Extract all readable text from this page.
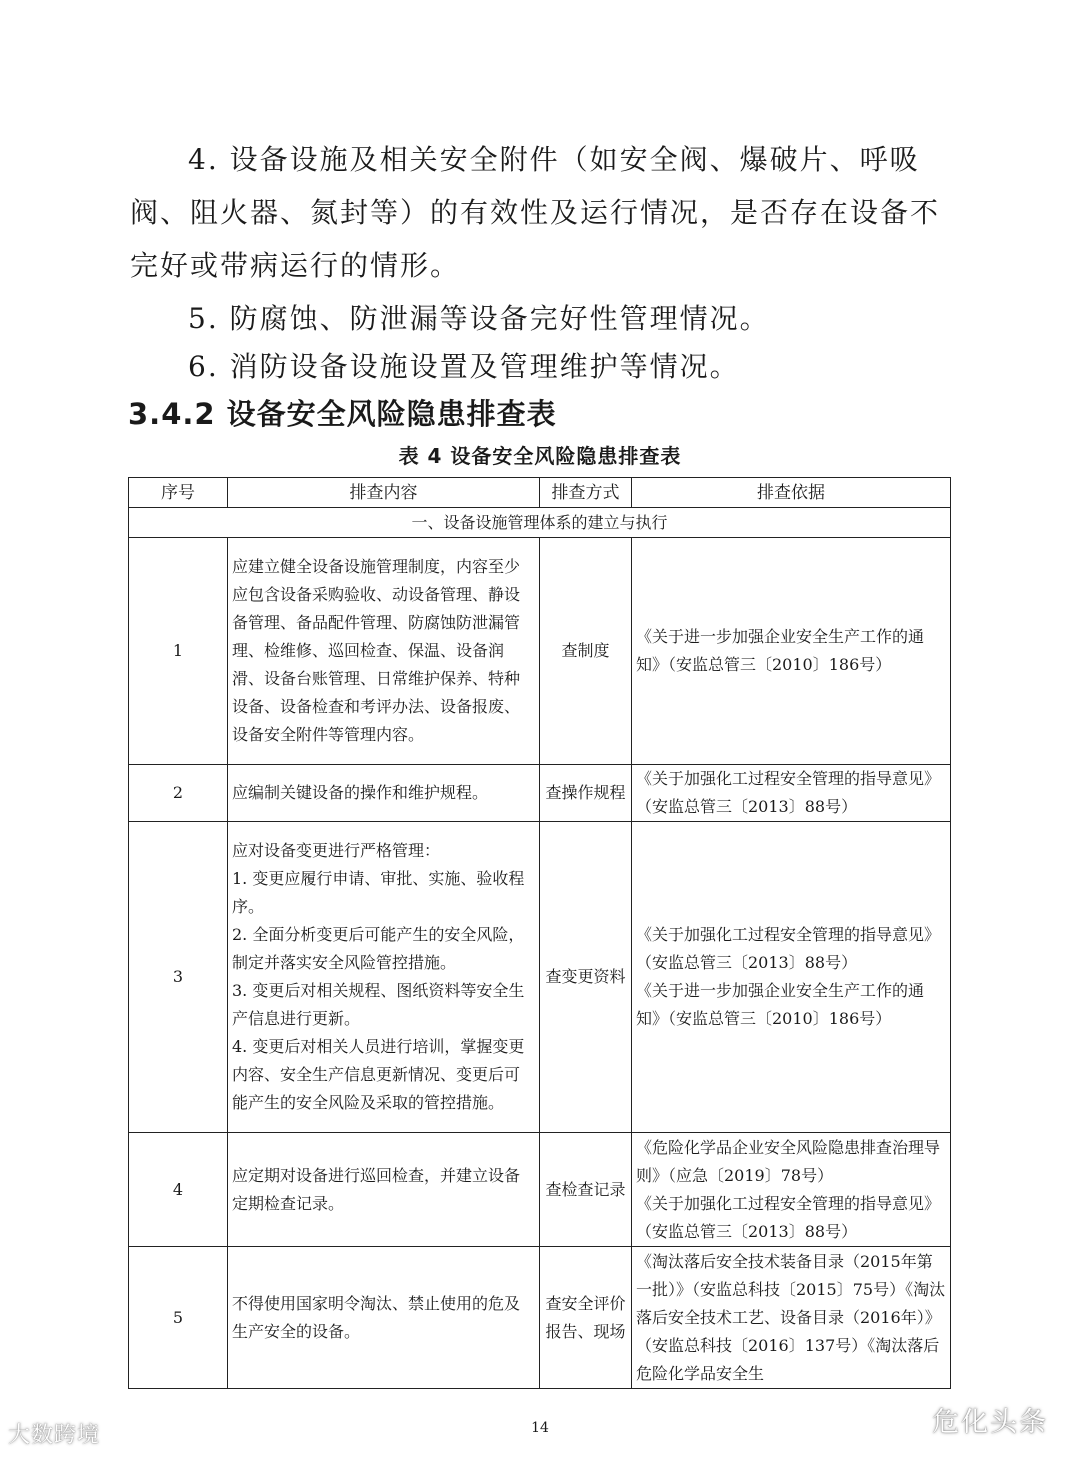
4. 设备设施及相关安全附件（如安全阀、爆破片、呼吸阀、阻火器、氮封等）的有效性及运行情况，是否存在设备不完好或带病运行的情形。

5. 防腐蚀、防泄漏等设备完好性管理情况。

6. 消防设备设施设置及管理维护等情况。

3.4.2 设备安全风险隐患排查表

表 4 设备安全风险隐患排查表

序号	排查内容	排查方式	排查依据
一、设备设施管理体系的建立与执行			
1	应建立健全设备设施管理制度，内容至少应包含设备采购验收、动设备管理、静设备管理、备品配件管理、防腐蚀防泄漏管理、检维修、巡回检查、保温、设备润滑、设备台账管理、日常维护保养、特种设备、设备检查和考评办法、设备报废、设备安全附件等管理内容。	查制度	《关于进一步加强企业安全生产工作的通知》（安监总管三〔2010〕186号）
2	应编制关键设备的操作和维护规程。	查操作规程	《关于加强化工过程安全管理的指导意见》（安监总管三〔2013〕88号）
3	应对设备变更进行严格管理：
1. 变更应履行申请、审批、实施、验收程序。
2. 全面分析变更后可能产生的安全风险，制定并落实安全风险管控措施。
3. 变更后对相关规程、图纸资料等安全生产信息进行更新。
4. 变更后对相关人员进行培训，掌握变更内容、安全生产信息更新情况、变更后可能产生的安全风险及采取的管控措施。	查变更资料	《关于加强化工过程安全管理的指导意见》（安监总管三〔2013〕88号）
《关于进一步加强企业安全生产工作的通知》（安监总管三〔2010〕186号）

4	应定期对设备进行巡回检查，并建立设备定期检查记录。	查检查记录	《危险化学品企业安全风险隐患排查治理导则》（应急〔2019〕78号）
《关于加强化工过程安全管理的指导意见》（安监总管三〔2013〕88号）

5	不得使用国家明令淘汰、禁止使用的危及生产安全的设备。	查安全评价报告、现场	《淘汰落后安全技术装备目录（2015年第一批）》（安监总科技〔2015〕75号）《淘汰落后安全技术工艺、设备目录（2016年）》（安监总科技〔2016〕137号）《淘汰落后危险化学品安全生
14
大数跨境	危化头条
